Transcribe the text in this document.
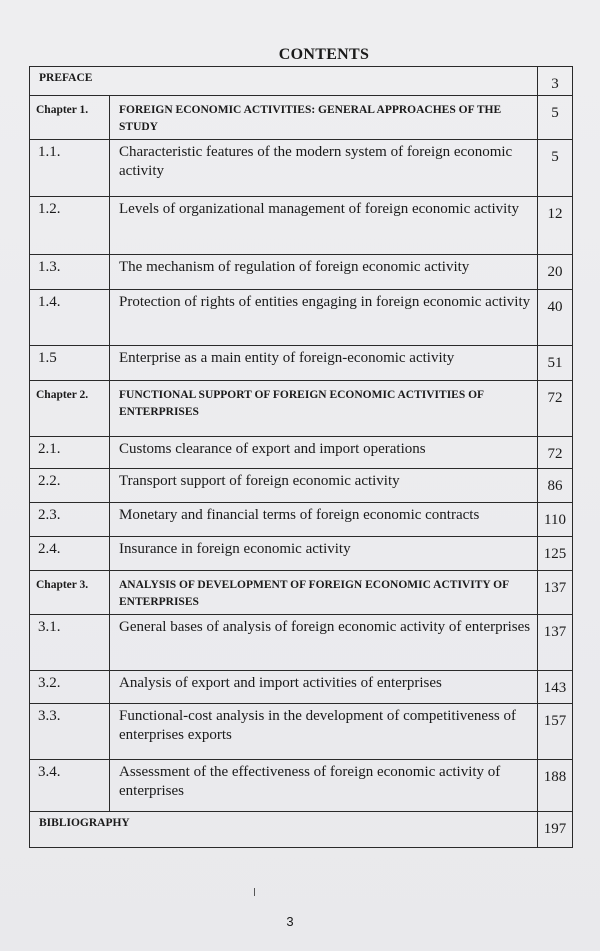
CONTENTS
PREFACE		3
Chapter 1.	FOREIGN ECONOMIC ACTIVITIES: GENERAL APPROACHES OF THE STUDY	5
1.1.	Characteristic features of the modern system of foreign economic activity	5
1.2.	Levels of organizational management of foreign economic activity	12
1.3.	The mechanism of regulation of foreign economic activity	20
1.4.	Protection of rights of entities engaging in foreign economic activity	40
1.5	Enterprise as a main entity of foreign-economic activity	51
Chapter 2.	FUNCTIONAL SUPPORT OF FOREIGN ECONOMIC ACTIVITIES OF ENTERPRISES	72
2.1.	Customs clearance of export and import operations	72
2.2.	Transport support of foreign economic activity	86
2.3.	Monetary and financial terms of foreign economic contracts	110
2.4.	Insurance in foreign economic activity	125
Chapter 3.	ANALYSIS OF DEVELOPMENT OF FOREIGN ECONOMIC ACTIVITY OF ENTERPRISES	137
3.1.	General bases of analysis of foreign economic activity of enterprises	137
3.2.	Analysis of export and import activities of enterprises	143
3.3.	Functional-cost analysis in the development of competitiveness of enterprises exports	157
3.4.	Assessment of the effectiveness of foreign economic activity of enterprises	188
BIBLIOGRAPHY		197
3
